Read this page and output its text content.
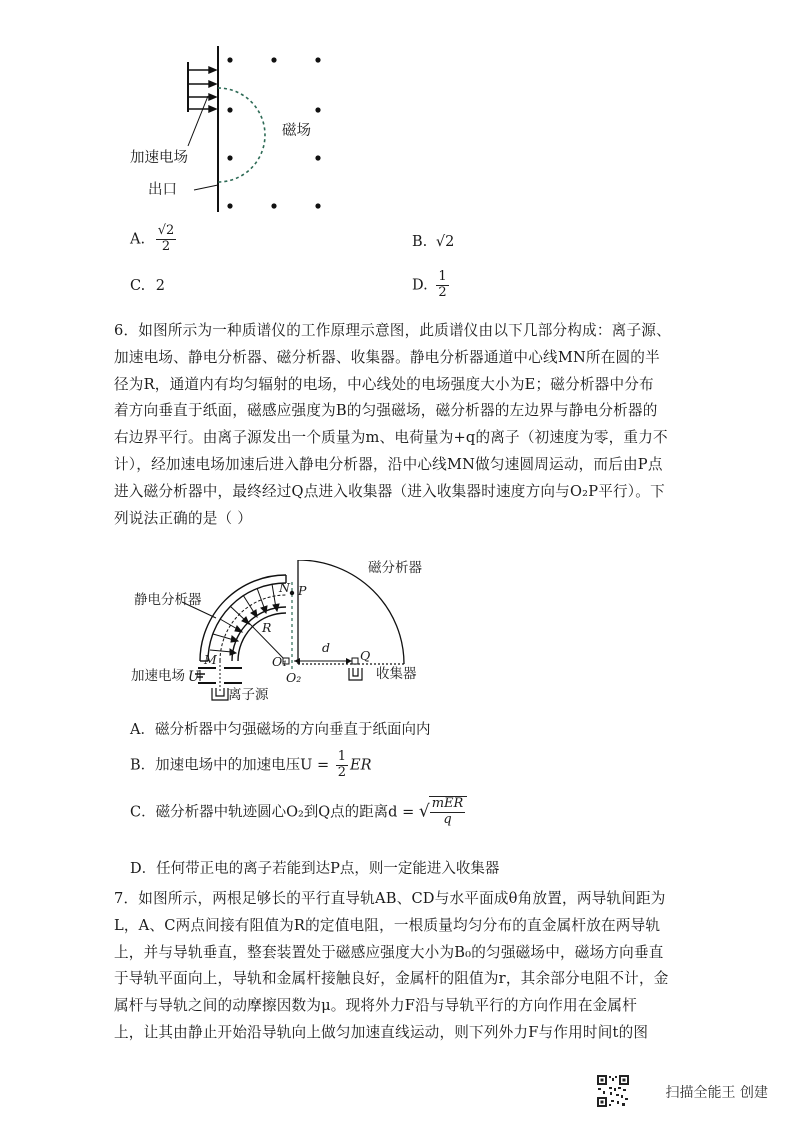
磁场
加速电场
出口
A. $\frac{√2}{2}$	B. √2
C. 2	D. $\frac{1}{2}$
6．如图所示为一种质谱仪的工作原理示意图，此质谱仪由以下几部分构成：离子源、
加速电场、静电分析器、磁分析器、收集器。静电分析器通道中心线MN所在圆的半
径为R，通道内有均匀辐射的电场，中心线处的电场强度大小为E；磁分析器中分布
着方向垂直于纸面，磁感应强度为B的匀强磁场，磁分析器的左边界与静电分析器的
右边界平行。由离子源发出一个质量为m、电荷量为+q的离子（初速度为零，重力不
计），经加速电场加速后进入静电分析器，沿中心线MN做匀速圆周运动，而后由P点
进入磁分析器中，最终经过Q点进入收集器（进入收集器时速度方向与O₂P平行）。下
列说法正确的是（ ）
静电分析器
磁分析器
加速电场 U
离子源
收集器
N P
M
R
O₁
O₂
d
Q
A．磁分析器中匀强磁场的方向垂直于纸面向内
B．加速电场中的加速电压$U = \frac{1}{2}$ ER
C．磁分析器中轨迹圆心O₂到Q点的距离d = √ $\frac{\text{mER}}{q}$
D．任何带正电的离子若能到达P点，则一定能进入收集器
7．如图所示，两根足够长的平行直导轨AB、CD与水平面成θ角放置，两导轨间距为
L，A、C两点间接有阻值为R的定值电阻，一根质量均匀分布的直金属杆放在两导轨
上，并与导轨垂直，整套装置处于磁感应强度大小为B₀的匀强磁场中，磁场方向垂直
于导轨平面向上，导轨和金属杆接触良好，金属杆的阻值为r，其余部分电阻不计，金
属杆与导轨之间的动摩擦因数为μ。现将外力F沿与导轨平行的方向作用在金属杆
上，让其由静止开始沿导轨向上做匀加速直线运动，则下列外力F与作用时间t的图
扫描全能王 创建
